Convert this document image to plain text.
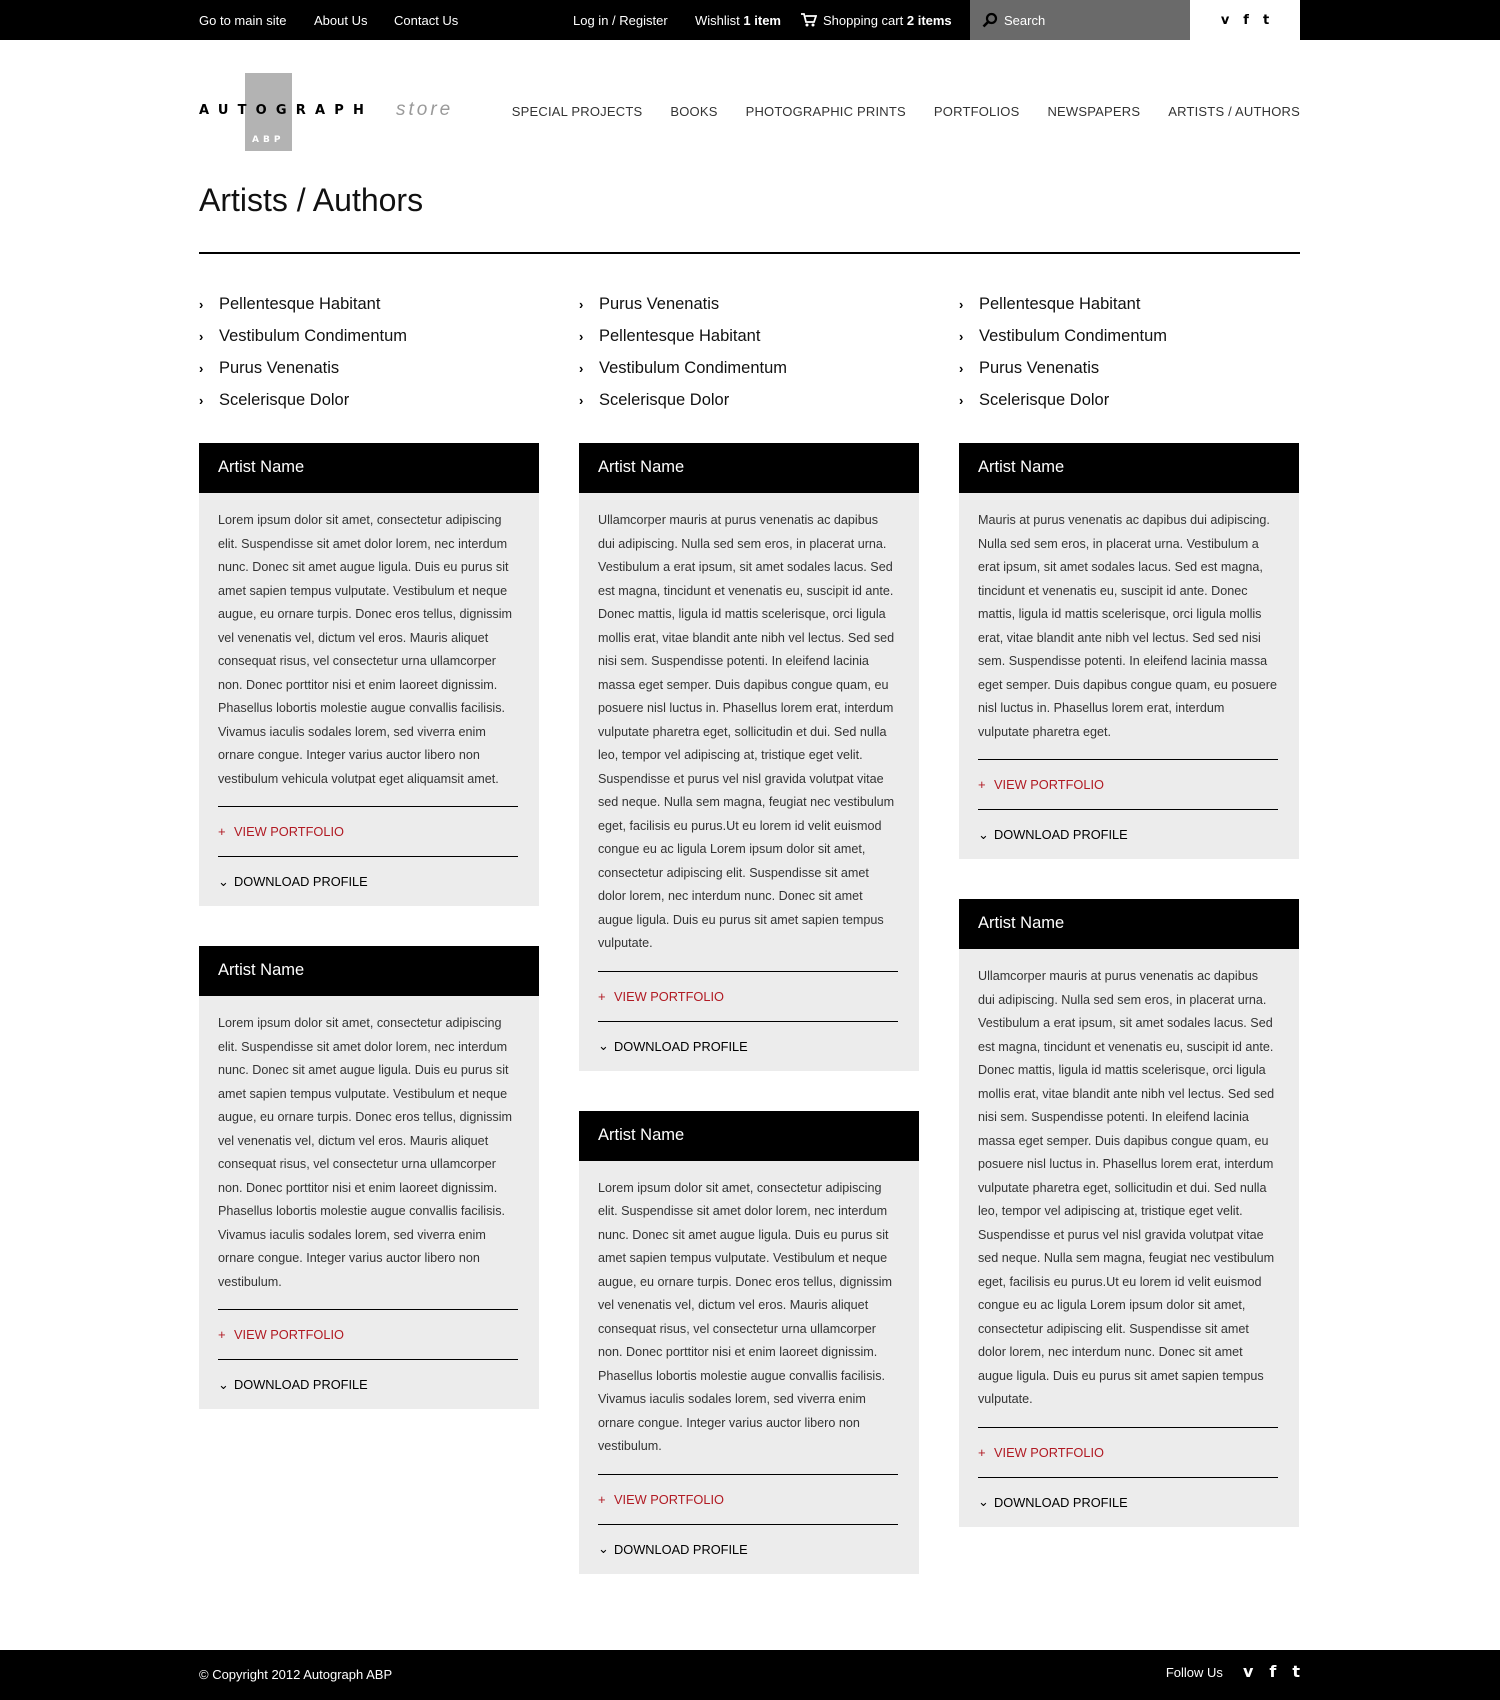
Go to main site About Us Contact Us	Log in / Register Wishlist 1 item	Shopping cart 2 items
Search	v f t
AUTOGRAPH store
ABP
SPECIAL PROJECTS BOOKS PHOTOGRAPHIC PRINTS PORTFOLIOS NEWSPAPERS ARTISTS / AUTHORS
Artists / Authors
› Pellentesque Habitant
› Vestibulum Condimentum
› Purus Venenatis
› Scelerisque Dolor
› Purus Venenatis
› Pellentesque Habitant
› Vestibulum Condimentum
› Scelerisque Dolor
› Pellentesque Habitant
› Vestibulum Condimentum
› Purus Venenatis
› Scelerisque Dolor
Artist Name

Lorem ipsum dolor sit amet, consectetur adipiscing elit. Suspendisse sit amet dolor lorem, nec interdum nunc. Donec sit amet augue ligula. Duis eu purus sit amet sapien tempus vulputate. Vestibulum et neque augue, eu ornare turpis. Donec eros tellus, dignissim vel venenatis vel, dictum vel eros. Mauris aliquet consequat risus, vel consectetur urna ullamcorper non. Donec porttitor nisi et enim laoreet dignissim. Phasellus lobortis molestie augue convallis facilisis. Vivamus iaculis sodales lorem, sed viverra enim ornare congue. Integer varius auctor libero non vestibulum vehicula volutpat eget aliquamsit amet.

+ VIEW PORTFOLIO
⌄ DOWNLOAD PROFILE
Artist Name

Lorem ipsum dolor sit amet, consectetur adipiscing elit. Suspendisse sit amet dolor lorem, nec interdum nunc. Donec sit amet augue ligula. Duis eu purus sit amet sapien tempus vulputate. Vestibulum et neque augue, eu ornare turpis. Donec eros tellus, dignissim vel venenatis vel, dictum vel eros. Mauris aliquet consequat risus, vel consectetur urna ullamcorper non. Donec porttitor nisi et enim laoreet dignissim. Phasellus lobortis molestie augue convallis facilisis. Vivamus iaculis sodales lorem, sed viverra enim ornare congue. Integer varius auctor libero non vestibulum.

+ VIEW PORTFOLIO
⌄ DOWNLOAD PROFILE
Artist Name

Ullamcorper mauris at purus venenatis ac dapibus dui adipiscing. Nulla sed sem eros, in placerat urna. Vestibulum a erat ipsum, sit amet sodales lacus. Sed est magna, tincidunt et venenatis eu, suscipit id ante. Donec mattis, ligula id mattis scelerisque, orci ligula mollis erat, vitae blandit ante nibh vel lectus. Sed sed nisi sem. Suspendisse potenti. In eleifend lacinia massa eget semper. Duis dapibus congue quam, eu posuere nisl luctus in. Phasellus lorem erat, interdum vulputate pharetra eget, sollicitudin et dui. Sed nulla leo, tempor vel adipiscing at, tristique eget velit. Suspendisse et purus vel nisl gravida volutpat vitae sed neque. Nulla sem magna, feugiat nec vestibulum eget, facilisis eu purus.Ut eu lorem id velit euismod congue eu ac ligula Lorem ipsum dolor sit amet, consectetur adipiscing elit. Suspendisse sit amet dolor lorem, nec interdum nunc. Donec sit amet augue ligula. Duis eu purus sit amet sapien tempus vulputate.

+ VIEW PORTFOLIO
⌄ DOWNLOAD PROFILE
Artist Name

Lorem ipsum dolor sit amet, consectetur adipiscing elit. Suspendisse sit amet dolor lorem, nec interdum nunc. Donec sit amet augue ligula. Duis eu purus sit amet sapien tempus vulputate. Vestibulum et neque augue, eu ornare turpis. Donec eros tellus, dignissim vel venenatis vel, dictum vel eros. Mauris aliquet consequat risus, vel consectetur urna ullamcorper non. Donec porttitor nisi et enim laoreet dignissim. Phasellus lobortis molestie augue convallis facilisis. Vivamus iaculis sodales lorem, sed viverra enim ornare congue. Integer varius auctor libero non vestibulum.

+ VIEW PORTFOLIO
⌄ DOWNLOAD PROFILE
Artist Name

Mauris at purus venenatis ac dapibus dui adipiscing. Nulla sed sem eros, in placerat urna. Vestibulum a erat ipsum, sit amet sodales lacus. Sed est magna, tincidunt et venenatis eu, suscipit id ante. Donec mattis, ligula id mattis scelerisque, orci ligula mollis erat, vitae blandit ante nibh vel lectus. Sed sed nisi sem. Suspendisse potenti. In eleifend lacinia massa eget semper. Duis dapibus congue quam, eu posuere nisl luctus in. Phasellus lorem erat, interdum vulputate pharetra eget.

+ VIEW PORTFOLIO
⌄ DOWNLOAD PROFILE
Artist Name

Ullamcorper mauris at purus venenatis ac dapibus dui adipiscing. Nulla sed sem eros, in placerat urna. Vestibulum a erat ipsum, sit amet sodales lacus. Sed est magna, tincidunt et venenatis eu, suscipit id ante. Donec mattis, ligula id mattis scelerisque, orci ligula mollis erat, vitae blandit ante nibh vel lectus. Sed sed nisi sem. Suspendisse potenti. In eleifend lacinia massa eget semper. Duis dapibus congue quam, eu posuere nisl luctus in. Phasellus lorem erat, interdum vulputate pharetra eget, sollicitudin et dui. Sed nulla leo, tempor vel adipiscing at, tristique eget velit. Suspendisse et purus vel nisl gravida volutpat vitae sed neque. Nulla sem magna, feugiat nec vestibulum eget, facilisis eu purus.Ut eu lorem id velit euismod congue eu ac ligula Lorem ipsum dolor sit amet, consectetur adipiscing elit. Suspendisse sit amet dolor lorem, nec interdum nunc. Donec sit amet augue ligula. Duis eu purus sit amet sapien tempus vulputate.

+ VIEW PORTFOLIO
⌄ DOWNLOAD PROFILE
© Copyright 2012 Autograph ABP	Follow Us v f t
